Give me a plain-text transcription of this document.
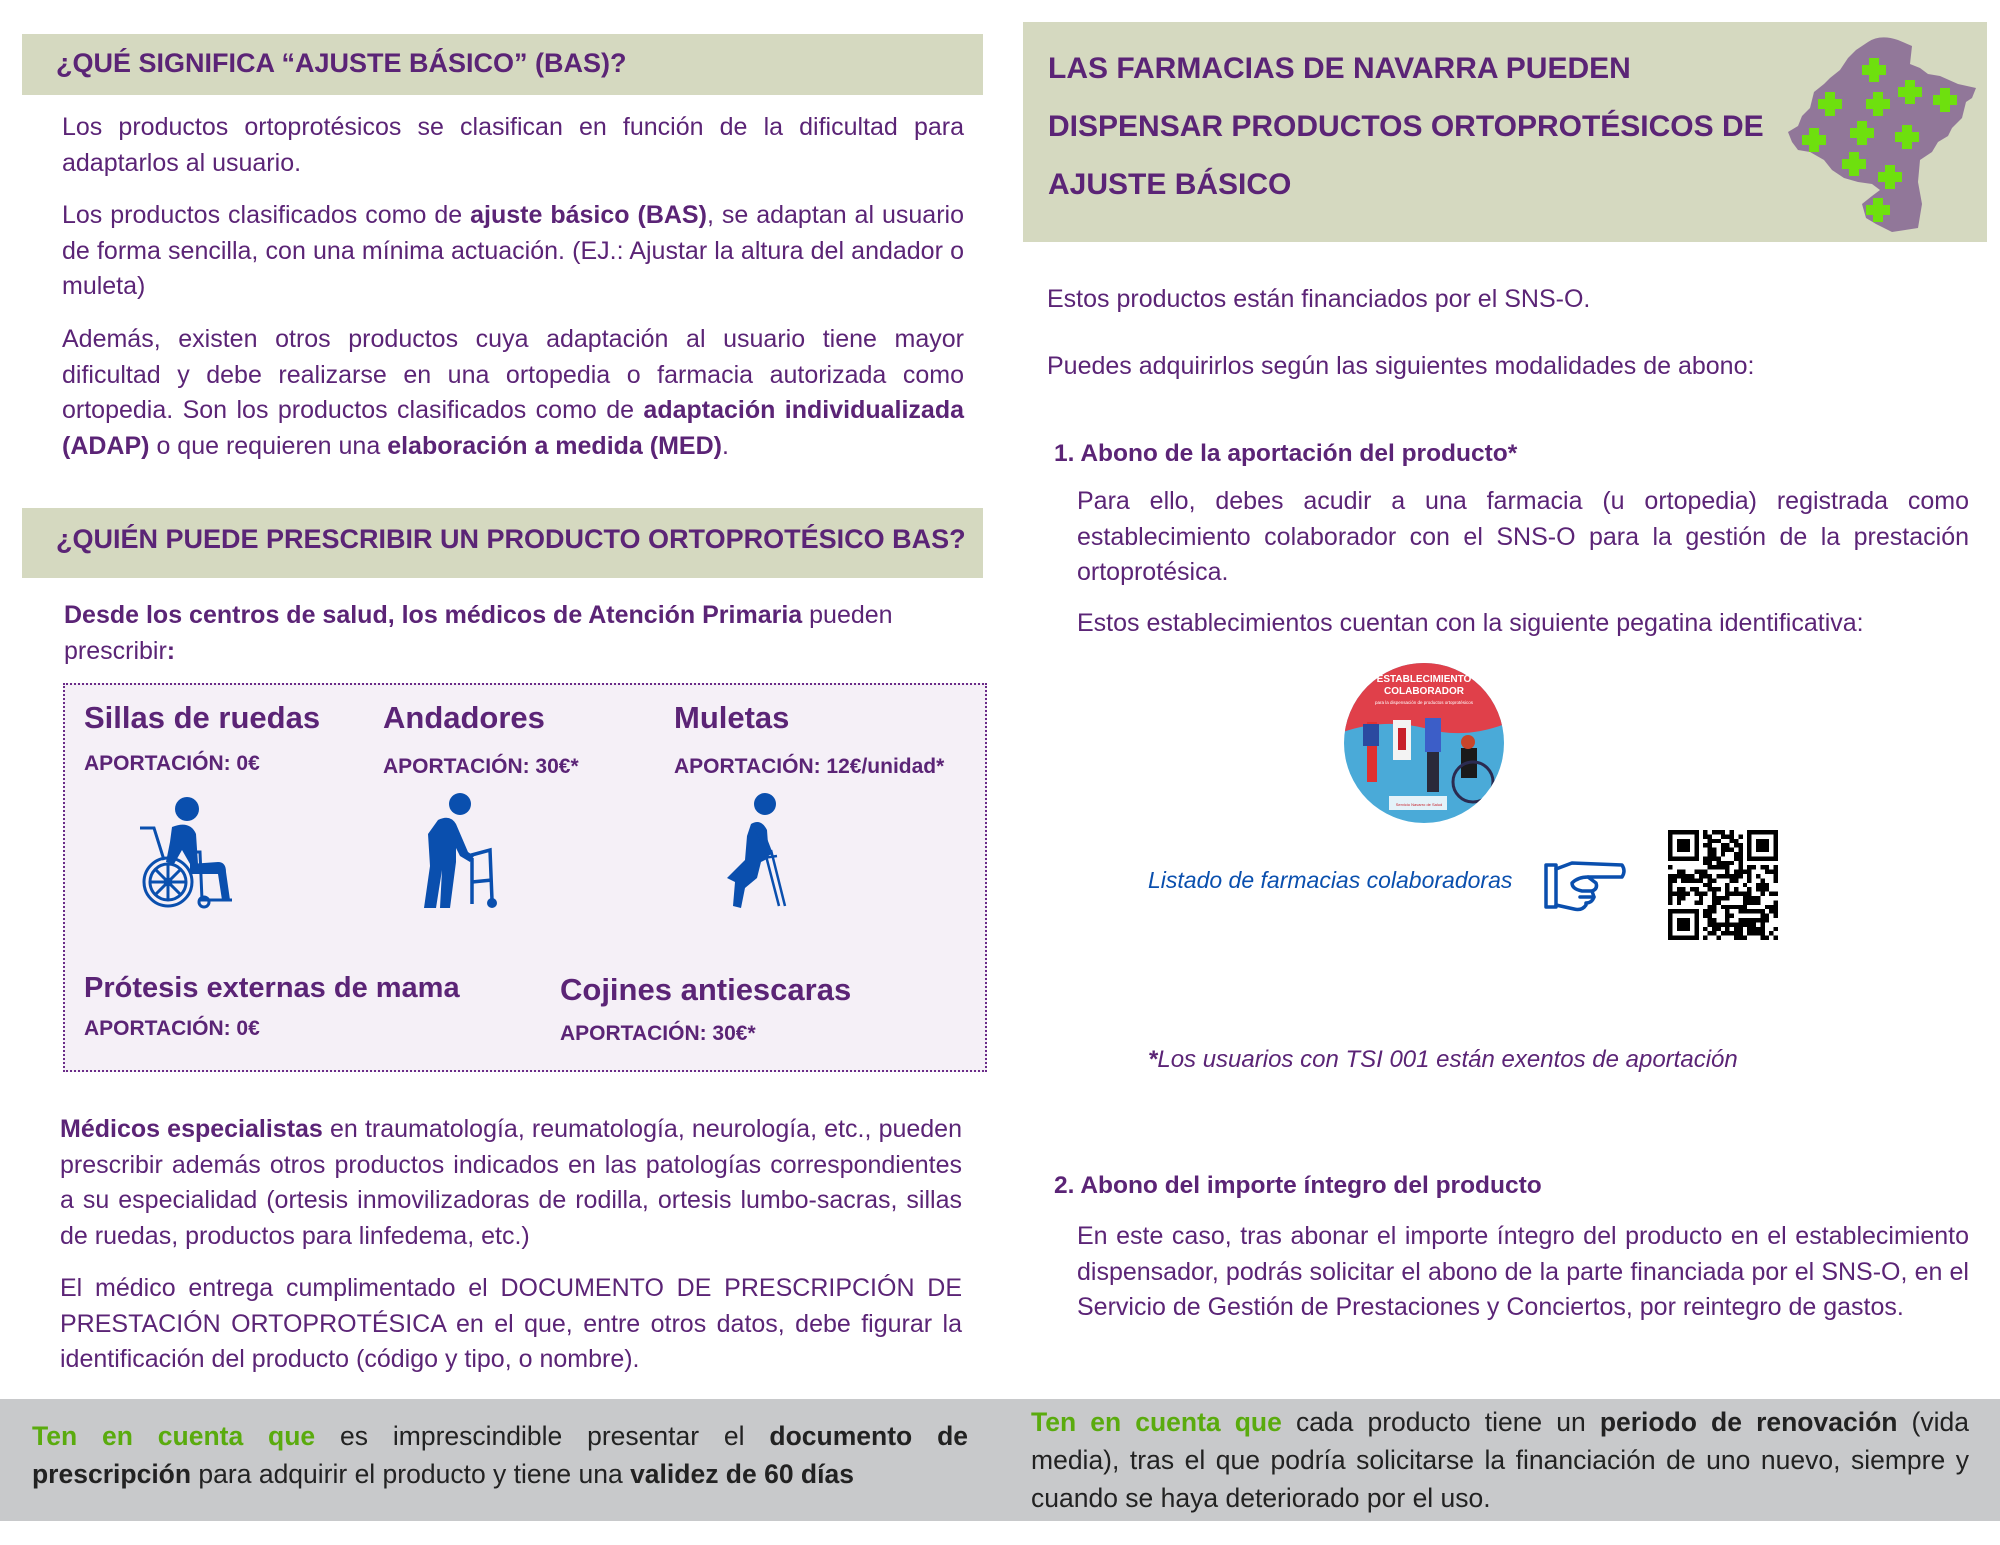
¿QUÉ SIGNIFICA “AJUSTE BÁSICO” (BAS)?
Los productos ortoprotésicos se clasifican en función de la dificultad para adaptarlos al usuario.
Los productos clasificados como de ajuste básico (BAS), se adaptan al usuario de forma sencilla, con una mínima actuación. (EJ.: Ajustar la altura del andador o muleta)
Además, existen otros productos cuya adaptación al usuario tiene mayor dificultad y debe realizarse en una ortopedia o farmacia autorizada como ortopedia. Son los productos clasificados como de adaptación individualizada (ADAP) o que requieren una elaboración a medida (MED).
¿QUIÉN PUEDE PRESCRIBIR UN PRODUCTO ORTOPROTÉSICO BAS?
Desde los centros de salud, los médicos de Atención Primaria pueden prescribir:
Sillas de ruedas
APORTACIÓN: 0€
Andadores
APORTACIÓN: 30€*
Muletas
APORTACIÓN: 12€/unidad*
Prótesis externas de mama
APORTACIÓN: 0€
Cojines antiescaras
APORTACIÓN: 30€*
Médicos especialistas en traumatología, reumatología, neurología, etc., pueden prescribir además otros productos indicados en las patologías correspondientes a su especialidad (ortesis inmovilizadoras de rodilla, ortesis lumbo-sacras, sillas de ruedas, productos para linfedema, etc.)
El médico entrega cumplimentado el DOCUMENTO DE PRESCRIPCIÓN DE PRESTACIÓN ORTOPROTÉSICA en el que, entre otros datos, debe figurar la identificación del producto (código y tipo, o nombre).
Ten en cuenta que es imprescindible presentar el documento de prescripción para adquirir el producto y tiene una validez de 60 días
LAS FARMACIAS DE NAVARRA PUEDEN
DISPENSAR PRODUCTOS ORTOPROTÉSICOS DE
AJUSTE BÁSICO
Estos productos están financiados por el SNS-O.
Puedes adquirirlos según las siguientes modalidades de abono:
1. Abono de la aportación del producto*
Para ello, debes acudir a una farmacia (u ortopedia) registrada como establecimiento colaborador con el SNS-O para la gestión de la prestación ortoprotésica.
Estos establecimientos cuentan con la siguiente pegatina identificativa:
ESTABLECIMIENTO
COLABORADOR
para la dispensación de productos ortoprotésicos
Servicio Navarro de Salud
Listado de farmacias colaboradoras
*Los usuarios con TSI 001 están exentos de aportación
2. Abono del importe íntegro del producto
En este caso, tras abonar el importe íntegro del producto en el establecimiento dispensador, podrás solicitar el abono de la parte financiada por el SNS-O, en el Servicio de Gestión de Prestaciones y Conciertos, por reintegro de gastos.
Ten en cuenta que cada producto tiene un periodo de renovación (vida media), tras el que podría solicitarse la financiación de uno nuevo, siempre y cuando se haya deteriorado por el uso.
